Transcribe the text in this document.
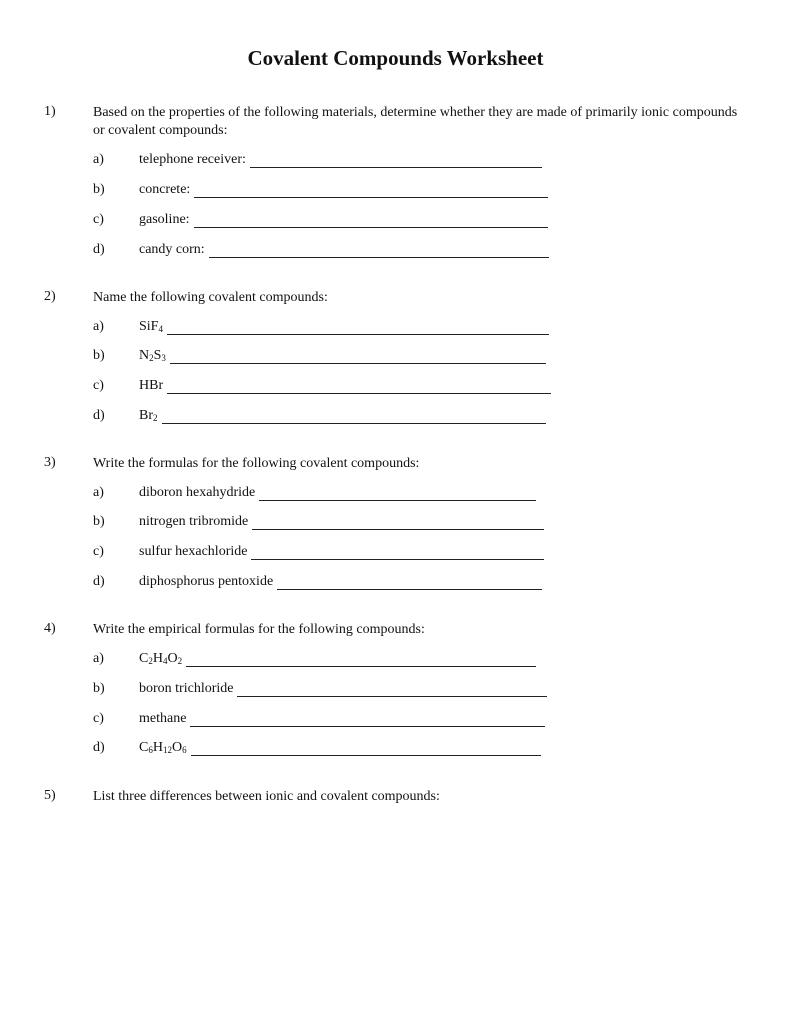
Covalent Compounds Worksheet
1)	Based on the properties of the following materials, determine whether they are made of primarily ionic compounds or covalent compounds:
a)	telephone receiver:
b) concrete:
c)	gasoline:
d) candy corn:
2)	Name the following covalent compounds:
a)	SiF$_4$
b) $N_2S_3$
c)	HBr
d) $Br_2$
3)	Write the formulas for the following covalent compounds:
a)	diboron hexahydride
b) nitrogen tribromide
c)	sulfur hexachloride
d) diphosphorus pentoxide
4)	Write the empirical formulas for the following compounds:
a)	$C_2H_4O_2$
b) boron trichloride
c)	methane
d) $C_6H_{12}O_6$
5)	List three differences between ionic and covalent compounds:
